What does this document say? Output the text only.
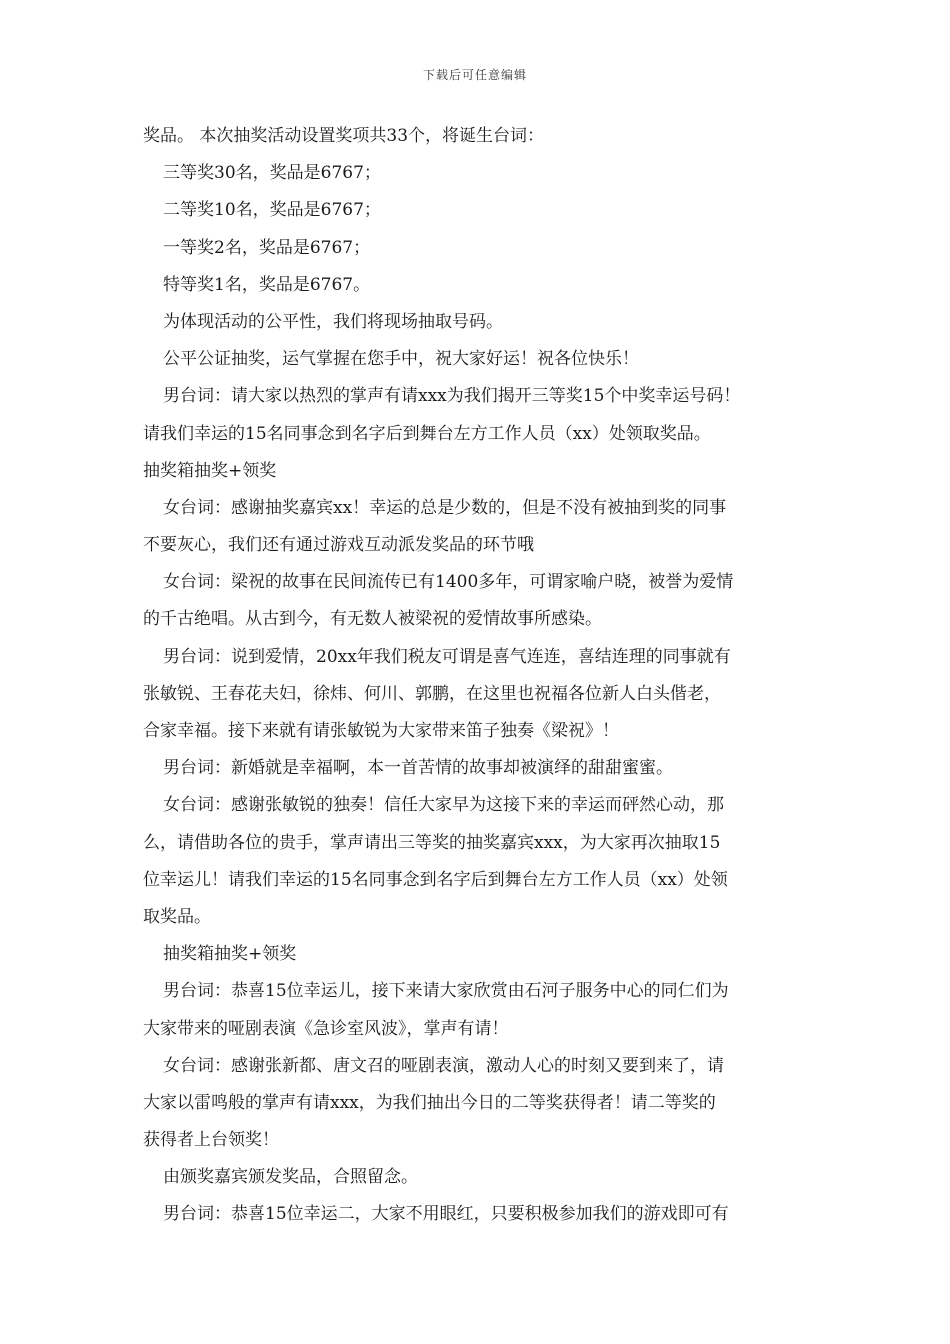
下载后可任意编辑
奖品。 本次抽奖活动设置奖项共33个，将诞生台词：
三等奖30名，奖品是6767；
二等奖10名，奖品是6767；
一等奖2名，奖品是6767；
特等奖1名，奖品是6767。
为体现活动的公平性，我们将现场抽取号码。
公平公证抽奖，运气掌握在您手中，祝大家好运！祝各位快乐！
男台词：请大家以热烈的掌声有请xxx为我们揭开三等奖15个中奖幸运号码！
请我们幸运的15名同事念到名字后到舞台左方工作人员（xx）处领取奖品。
抽奖箱抽奖+领奖
女台词：感谢抽奖嘉宾xx！幸运的总是少数的，但是不没有被抽到奖的同事
不要灰心，我们还有通过游戏互动派发奖品的环节哦
女台词：梁祝的故事在民间流传已有1400多年，可谓家喻户晓，被誉为爱情
的千古绝唱。从古到今，有无数人被梁祝的爱情故事所感染。
男台词：说到爱情，20xx年我们税友可谓是喜气连连，喜结连理的同事就有
张敏锐、王春花夫妇，徐炜、何川、郭鹏，在这里也祝福各位新人白头偕老，
合家幸福。接下来就有请张敏锐为大家带来笛子独奏《梁祝》！
男台词：新婚就是幸福啊，本一首苦情的故事却被演绎的甜甜蜜蜜。
女台词：感谢张敏锐的独奏！信任大家早为这接下来的幸运而砰然心动，那
么，请借助各位的贵手，掌声请出三等奖的抽奖嘉宾xxx，为大家再次抽取15
位幸运儿！请我们幸运的15名同事念到名字后到舞台左方工作人员（xx）处领
取奖品。
抽奖箱抽奖+领奖
男台词：恭喜15位幸运儿，接下来请大家欣赏由石河子服务中心的同仁们为
大家带来的哑剧表演《急诊室风波》，掌声有请！
女台词：感谢张新都、唐文召的哑剧表演，激动人心的时刻又要到来了，请
大家以雷鸣般的掌声有请xxx，为我们抽出今日的二等奖获得者！请二等奖的
获得者上台领奖！
由颁奖嘉宾颁发奖品，合照留念。
男台词：恭喜15位幸运二，大家不用眼红，只要积极参加我们的游戏即可有
